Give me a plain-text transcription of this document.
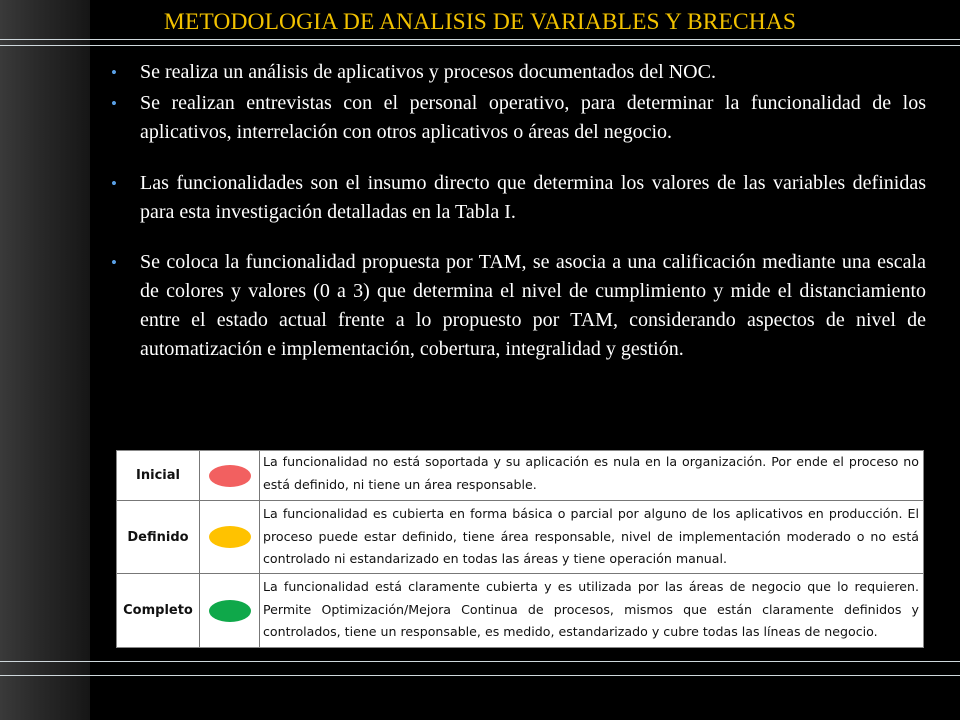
METODOLOGIA DE ANALISIS DE VARIABLES Y BRECHAS
• Se realiza un análisis de aplicativos y procesos documentados del NOC.
• Se realizan entrevistas con el personal operativo, para determinar la funcionalidad de los aplicativos, interrelación con otros aplicativos o áreas del negocio.
• Las funcionalidades son el insumo directo que determina los valores de las variables definidas para esta investigación detalladas en la Tabla I.
• Se coloca la funcionalidad propuesta por TAM, se asocia a una calificación mediante una escala de colores y valores (0 a 3) que determina el nivel de cumplimiento y mide el distanciamiento entre el estado actual frente a lo propuesto por TAM, considerando aspectos de nivel de automatización e implementación, cobertura, integralidad y gestión.
Inicial
La funcionalidad no está soportada y su aplicación es nula en la organización. Por ende el proceso no está definido, ni tiene un área responsable.
Definido
La funcionalidad es cubierta en forma básica o parcial por alguno de los aplicativos en producción. El proceso puede estar definido, tiene área responsable, nivel de implementación moderado o no está controlado ni estandarizado en todas las áreas y tiene operación manual.
Completo
La funcionalidad está claramente cubierta y es utilizada por las áreas de negocio que lo requieren. Permite Optimización/Mejora Continua de procesos, mismos que están claramente definidos y controlados, tiene un responsable, es medido, estandarizado y cubre todas las líneas de negocio.
